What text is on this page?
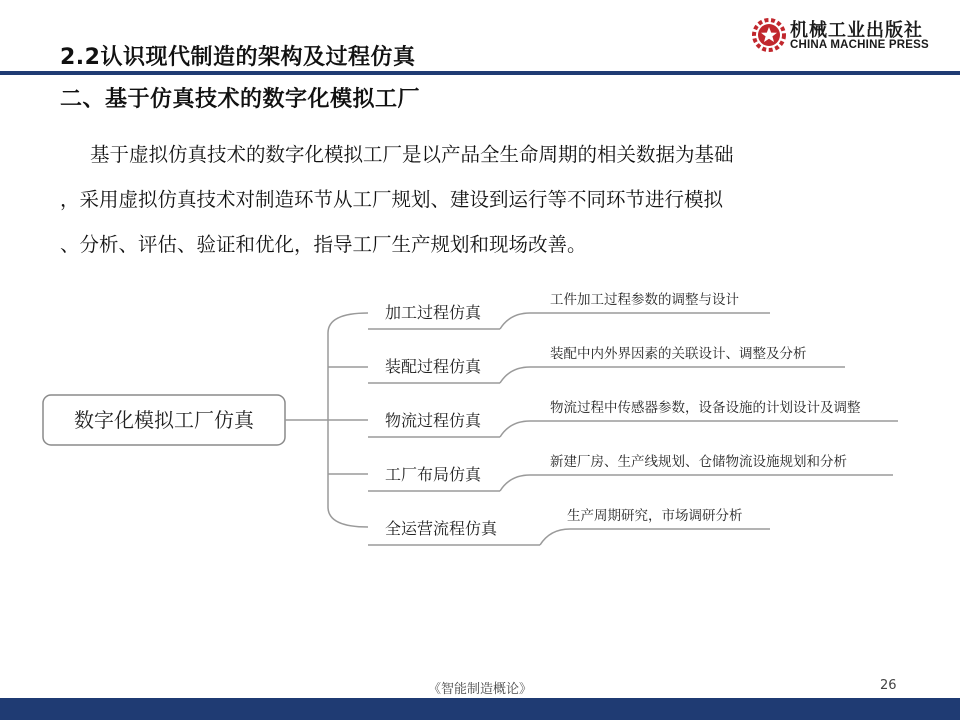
2.2认识现代制造的架构及过程仿真
二、基于仿真技术的数字化模拟工厂
机械工业出版社
CHINA MACHINE PRESS
基于虚拟仿真技术的数字化模拟工厂是以产品全生命周期的相关数据为基础
，采用虚拟仿真技术对制造环节从工厂规划、建设到运行等不同环节进行模拟
、分析、评估、验证和优化，指导工厂生产规划和现场改善。
数字化模拟工厂仿真
加工过程仿真
工件加工过程参数的调整与设计
装配过程仿真
装配中内外界因素的关联设计、调整及分析
物流过程仿真
物流过程中传感器参数，设备设施的计划设计及调整
工厂布局仿真
新建厂房、生产线规划、仓储物流设施规划和分析
全运营流程仿真
生产周期研究，市场调研分析
《智能制造概论》	26
